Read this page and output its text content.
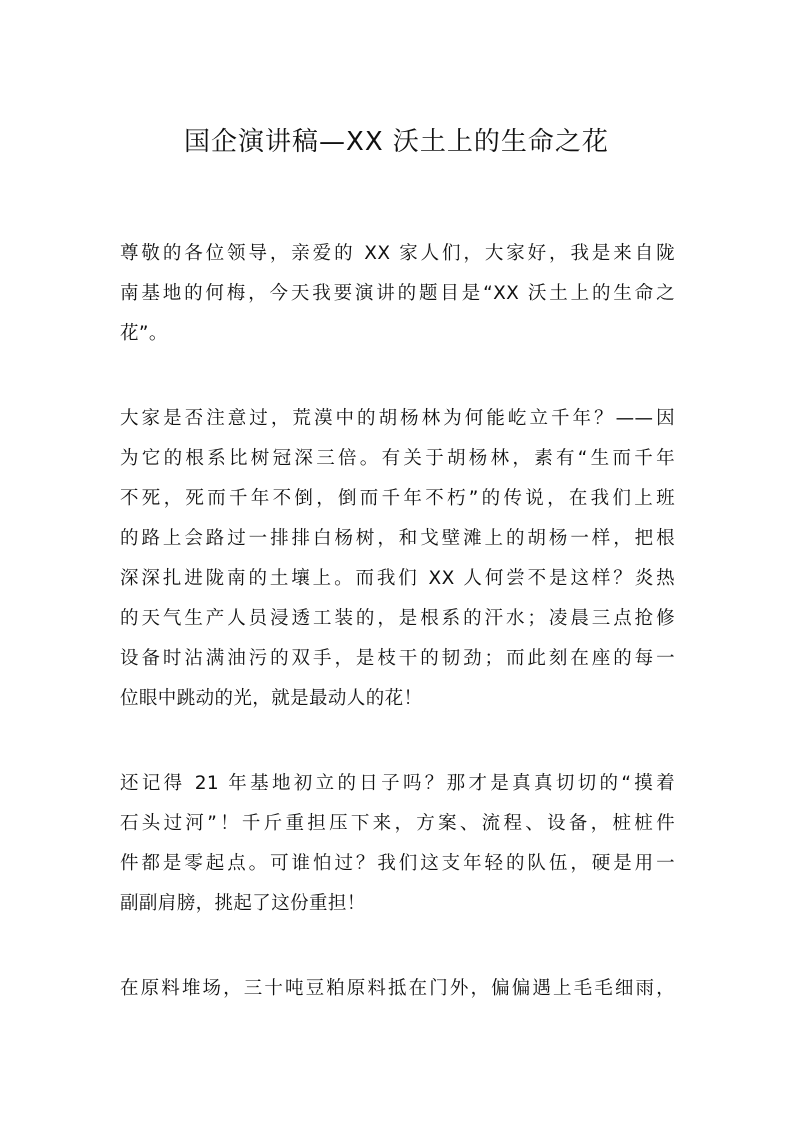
国企演讲稿—XX 沃土上的生命之花
尊敬的各位领导，亲爱的 XX 家人们，大家好，我是来自陇
南基地的何梅，今天我要演讲的题目是“XX 沃土上的生命之
花”。
大家是否注意过，荒漠中的胡杨林为何能屹立千年？——因
为它的根系比树冠深三倍。有关于胡杨林，素有“生而千年
不死，死而千年不倒，倒而千年不朽”的传说，在我们上班
的路上会路过一排排白杨树，和戈壁滩上的胡杨一样，把根
深深扎进陇南的土壤上。而我们 XX 人何尝不是这样？炎热
的天气生产人员浸透工装的，是根系的汗水；凌晨三点抢修
设备时沾满油污的双手，是枝干的韧劲；而此刻在座的每一
位眼中跳动的光，就是最动人的花！
还记得 21 年基地初立的日子吗？那才是真真切切的“摸着
石头过河”！千斤重担压下来，方案、流程、设备，桩桩件
件都是零起点。可谁怕过？我们这支年轻的队伍，硬是用一
副副肩膀，挑起了这份重担！
在原料堆场，三十吨豆粕原料抵在门外，偏偏遇上毛毛细雨，
